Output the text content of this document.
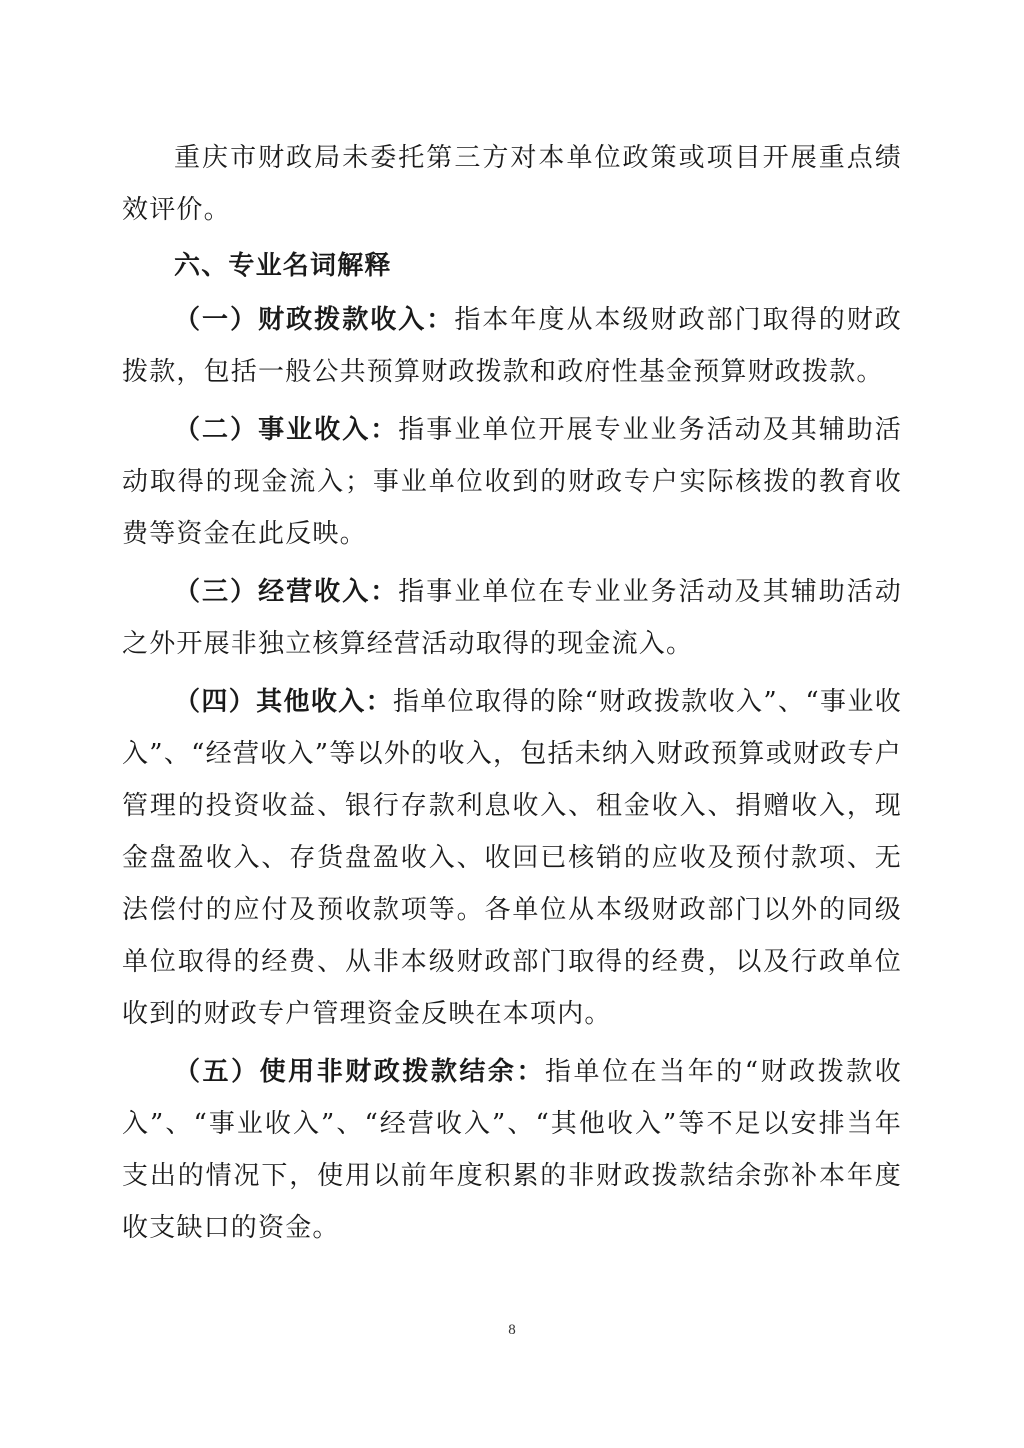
重庆市财政局未委托第三方对本单位政策或项目开展重点绩效评价。

六、专业名词解释

（一）财政拨款收入：指本年度从本级财政部门取得的财政拨款，包括一般公共预算财政拨款和政府性基金预算财政拨款。

（二）事业收入：指事业单位开展专业业务活动及其辅助活动取得的现金流入；事业单位收到的财政专户实际核拨的教育收费等资金在此反映。

（三）经营收入：指事业单位在专业业务活动及其辅助活动之外开展非独立核算经营活动取得的现金流入。

（四）其他收入：指单位取得的除“财政拨款收入”、“事业收入”、“经营收入”等以外的收入，包括未纳入财政预算或财政专户管理的投资收益、银行存款利息收入、租金收入、捐赠收入，现金盘盈收入、存货盘盈收入、收回已核销的应收及预付款项、无法偿付的应付及预收款项等。各单位从本级财政部门以外的同级单位取得的经费、从非本级财政部门取得的经费，以及行政单位收到的财政专户管理资金反映在本项内。

（五）使用非财政拨款结余：指单位在当年的“财政拨款收入”、“事业收入”、“经营收入”、“其他收入”等不足以安排当年支出的情况下，使用以前年度积累的非财政拨款结余弥补本年度收支缺口的资金。

8
